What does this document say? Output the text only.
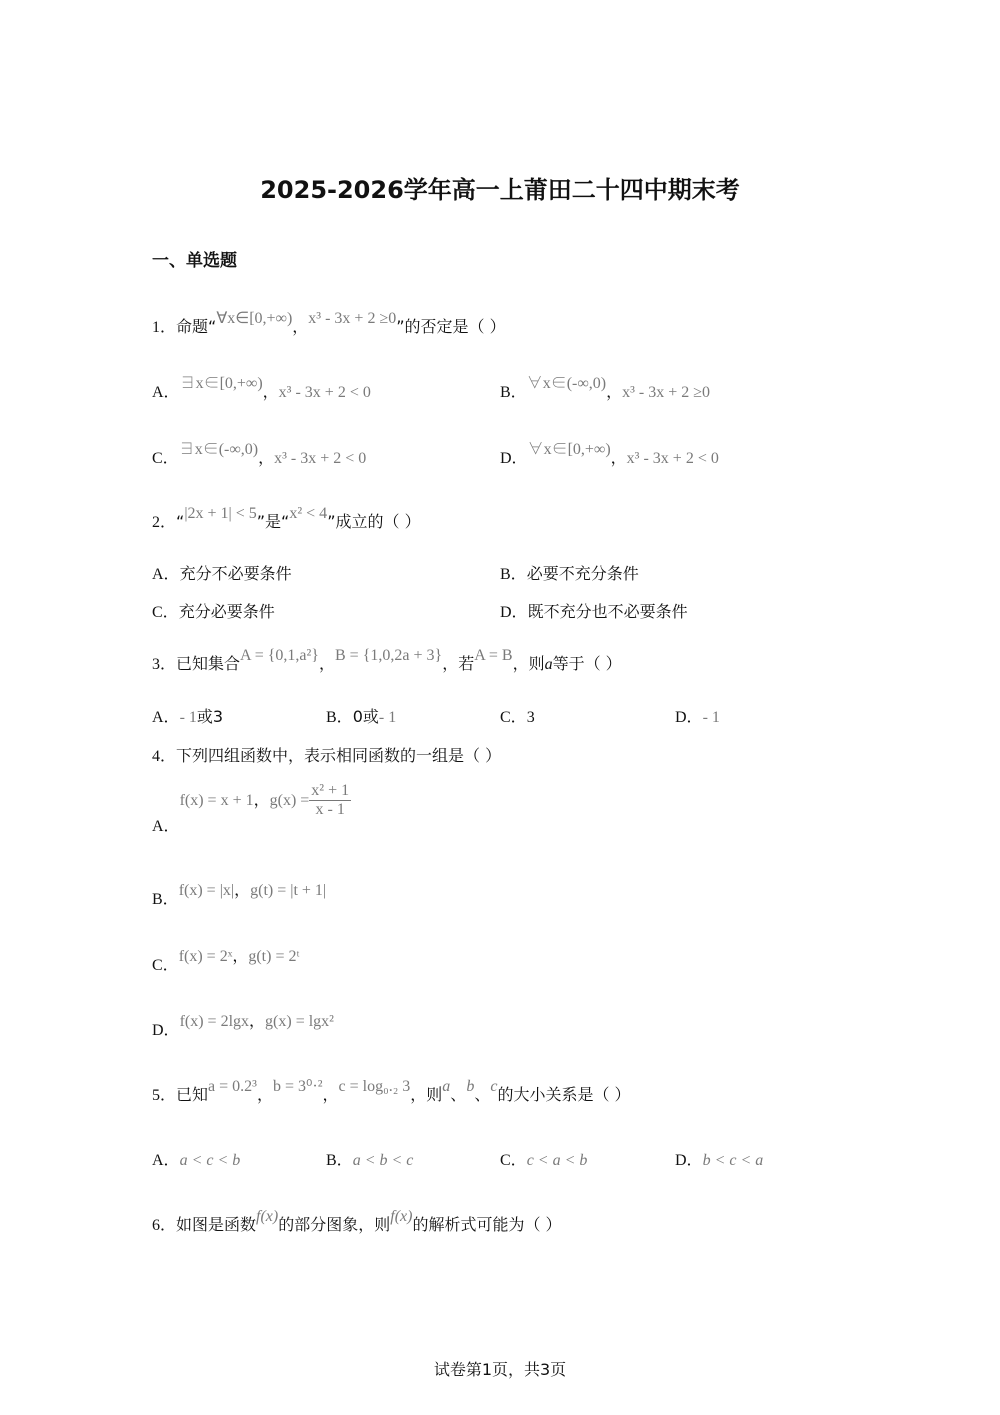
2025-2026学年高一上莆田二十四中期末考
一、单选题
1．命题“∀x∈[0,+∞)，x³ - 3x + 2 ≥0”的否定是（ ）
A．∃x∈[0,+∞)，x³ - 3x + 2 < 0	B．∀x∈(-∞,0)，x³ - 3x + 2 ≥0
C．∃x∈(-∞,0)，x³ - 3x + 2 < 0	D．∀x∈[0,+∞)，x³ - 3x + 2 < 0
2．“|2x + 1| < 5”是“x² < 4”成立的（ ）
A．充分不必要条件	B．必要不充分条件
C．充分必要条件	D．既不充分也不必要条件
3．已知集合A = {0,1,a²}，B = {1,0,2a + 3}，若A = B，则a等于（ ）
A．- 1或3	B．0或- 1	C．3	D．- 1
4．下列四组函数中，表示相同函数的一组是（ ）
A．f(x) = x + 1，$g(x) = \frac{\text{x² + 1}}{x - 1}$
B．f(x) = |x|，g(t) = |t + 1|
C．f(x) = 2ˣ，g(t) = 2ᵗ
D．f(x) = 2lgx，g(x) = lgx²
5．已知a = 0.2³，b = 3⁰·²，c = log₀.₂ 3，则a、b、c的大小关系是（ ）
A．a < c < b	B．a < b < c	C．c < a < b	D．b < c < a
6．如图是函数f(x)的部分图象，则f(x)的解析式可能为（ ）
试卷第1页，共3页
